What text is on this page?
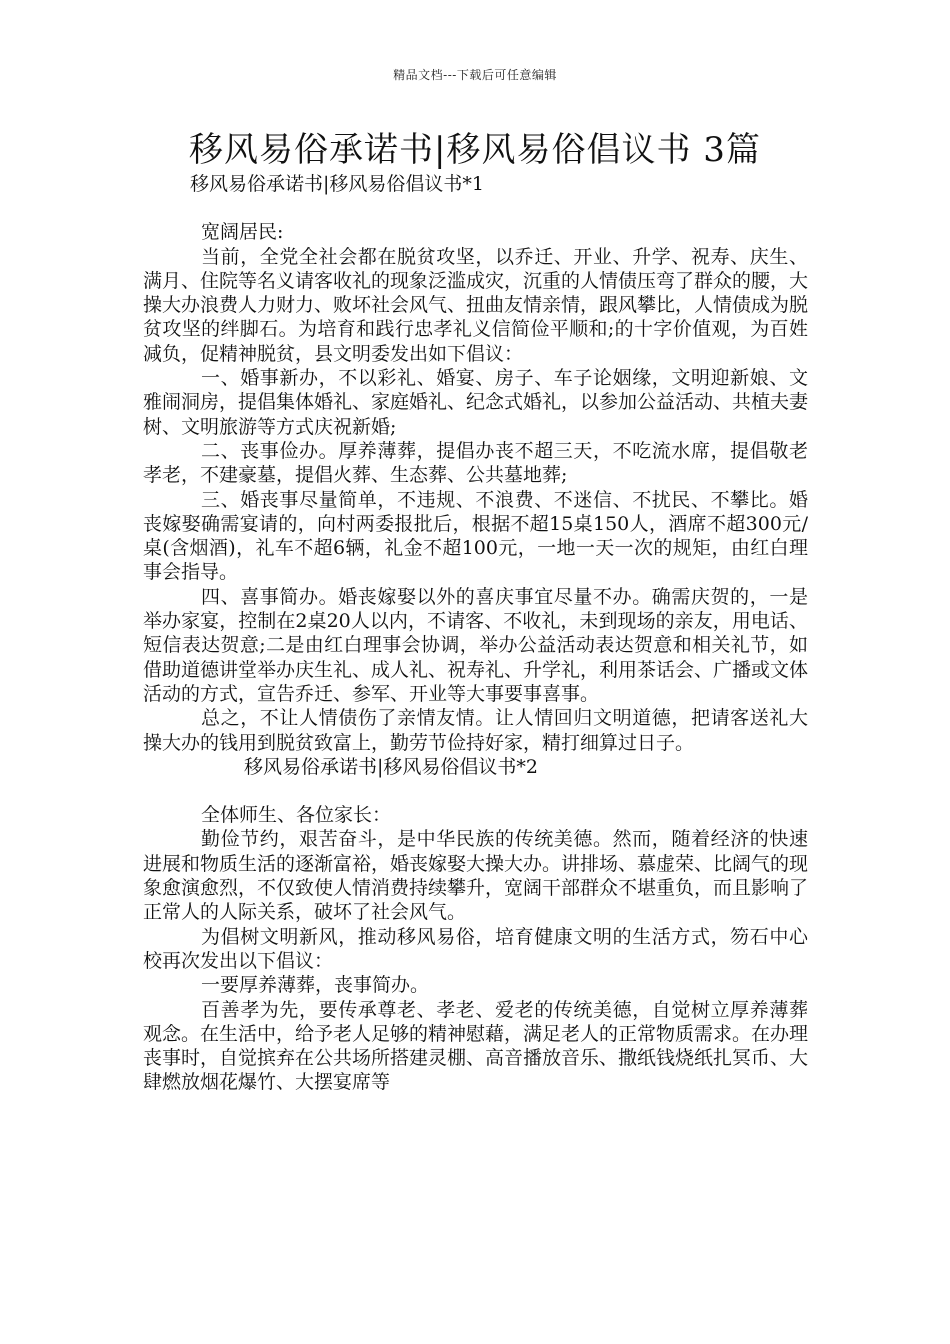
精品文档---下载后可任意编辑
移风易俗承诺书|移风易俗倡议书 3篇

移风易俗承诺书|移风易俗倡议书*1

宽阔居民:

当前，全党全社会都在脱贫攻坚，以乔迁、开业、升学、祝寿、庆生、满月、住院等名义请客收礼的现象泛滥成灾，沉重的人情债压弯了群众的腰，大操大办浪费人力财力、败坏社会风气、扭曲友情亲情，跟风攀比，人情债成为脱贫攻坚的绊脚石。为培育和践行忠孝礼义信简俭平顺和;的十字价值观，为百姓减负，促精神脱贫，县文明委发出如下倡议：

一、婚事新办，不以彩礼、婚宴、房子、车子论姻缘，文明迎新娘、文雅闹洞房，提倡集体婚礼、家庭婚礼、纪念式婚礼，以参加公益活动、共植夫妻树、文明旅游等方式庆祝新婚;

二、丧事俭办。厚养薄葬，提倡办丧不超三天，不吃流水席，提倡敬老孝老，不建豪墓，提倡火葬、生态葬、公共墓地葬;

三、婚丧事尽量简单，不违规、不浪费、不迷信、不扰民、不攀比。婚丧嫁娶确需宴请的，向村两委报批后，根据不超15桌150人，酒席不超300元/桌(含烟酒)，礼车不超6辆，礼金不超100元，一地一天一次的规矩，由红白理事会指导。

四、喜事简办。婚丧嫁娶以外的喜庆事宜尽量不办。确需庆贺的，一是举办家宴，控制在2桌20人以内，不请客、不收礼，未到现场的亲友，用电话、短信表达贺意;二是由红白理事会协调，举办公益活动表达贺意和相关礼节，如借助道德讲堂举办庆生礼、成人礼、祝寿礼、升学礼，利用茶话会、广播或文体活动的方式，宣告乔迁、参军、开业等大事要事喜事。

总之，不让人情债伤了亲情友情。让人情回归文明道德，把请客送礼大操大办的钱用到脱贫致富上，勤劳节俭持好家，精打细算过日子。

移风易俗承诺书|移风易俗倡议书*2

全体师生、各位家长：

勤俭节约，艰苦奋斗，是中华民族的传统美德。然而，随着经济的快速进展和物质生活的逐渐富裕，婚丧嫁娶大操大办。讲排场、慕虚荣、比阔气的现象愈演愈烈，不仅致使人情消费持续攀升，宽阔干部群众不堪重负，而且影响了正常人的人际关系，破坏了社会风气。

为倡树文明新风，推动移风易俗，培育健康文明的生活方式，笏石中心校再次发出以下倡议：

一要厚养薄葬，丧事简办。

百善孝为先，要传承尊老、孝老、爱老的传统美德，自觉树立厚养薄葬观念。在生活中，给予老人足够的精神慰藉，满足老人的正常物质需求。在办理丧事时，自觉摈弃在公共场所搭建灵棚、高音播放音乐、撒纸钱烧纸扎冥币、大肆燃放烟花爆竹、大摆宴席等
